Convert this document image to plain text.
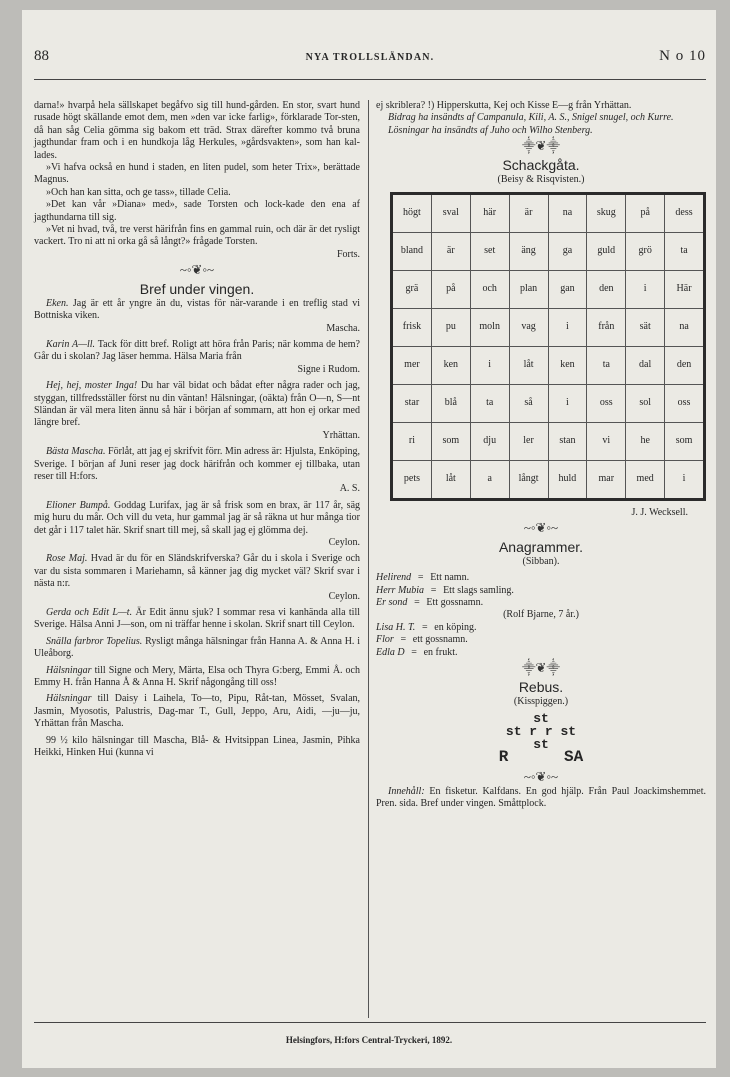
88	NYA TROLLSLÄNDAN.	N o 10

darna!» hvarpå hela sällskapet begåfvo sig till hund-gården. En stor, svart hund rusade högt skällande emot dem, men »den var icke farlig», förklarade Tor-sten, då han såg Celia gömma sig bakom ett träd. Strax därefter kommo två bruna jagthundar fram och i en hundkoja låg Herkules, »gårdsvakten», som han kal-lades.

»Vi hafva också en hund i staden, en liten pudel, som heter Trix», berättade Magnus.

»Och han kan sitta, och ge tass», tillade Celia.

»Det kan vår »Diana» med», sade Torsten och lock-kade den ena af jagthundarna till sig.

»Vet ni hvad, två, tre verst härifrån fins en gammal ruin, och där är det rysligt vackert. Tro ni att ni orka gå så långt?» frågade Torsten.

Forts.

~◦❦◦~
Bref under vingen.

Eken. Jag är ett år yngre än du, vistas för när-varande i en treflig stad vi Bottniska viken.

Mascha.

Karin A—ll. Tack för ditt bref. Roligt att höra från Paris; när komma de hem? Går du i skolan? Jag läser hemma. Hälsa Maria från

Signe i Rudom.

Hej, hej, moster Inga! Du har väl bidat och bådat efter några rader och jag, styggan, tillfredsställer först nu din väntan! Hälsningar, (oäkta) från O—n, S—nt Sländan är väl mera liten ännu så här i början af sommarn, att hon ej orkar med längre bref.

Yrhättan.

Bästa Mascha. Förlåt, att jag ej skrifvit förr. Min adress är: Hjulsta, Enköping, Sverige. I början af Juni reser jag dock härifrån och kommer ej tillbaka, utan reser till H:fors.

A. S.

Elioner Bumpå. Goddag Lurifax, jag är så frisk som en brax, är 117 år, säg mig huru du mår. Och vill du veta, hur gammal jag är så räkna ut hur många tior det går i 117 talet här. Skrif snart till mej, så skall jag ej glömma dej.

Ceylon.

Rose Maj. Hvad är du för en Sländskrifverska? Går du i skola i Sverige och var du sista sommaren i Mariehamn, så känner jag dig mycket väl? Skrif svar i nästa n:r.

Ceylon.

Gerda och Edit L—t. Är Edit ännu sjuk? I sommar resa vi kanhända alla till Sverige. Hälsa Anni J—son, om ni träffar henne i skolan. Skrif snart till Ceylon.

Snälla farbror Topelius. Rysligt många hälsningar från Hanna A. & Anna H. i Uleåborg.

Hälsningar till Signe och Mery, Märta, Elsa och Thyra G:berg, Emmi Å. och Emmy H. från Hanna Å & Anna H. Skrif någongång till oss!

Hälsningar till Daisy i Laihela, To—to, Pipu, Råt-tan, Mösset, Svalan, Jasmin, Myosotis, Palustris, Dag-mar T., Gull, Jeppo, Aru, Aidi, —ju—ju, Yrhättan från Mascha.

99 ½ kilo hälsningar till Mascha, Blå- & Hvitsippan Linea, Jasmin, Pihka Heikki, Hinken Hui (kunna vi

ej skriblera? !) Hipperskutta, Kej och Kisse E—g från Yrhättan.

Bidrag ha insändts af Campanula, Kili, A. S., Snigel snugel, och Kurre.

Lösningar ha insändts af Juho och Wilho Stenberg.

⸎❦⸎
Schackgåta.

(Beisy & Risqvisten.)

högt	sval	här	är	na	skug	på	dess
bland	är	set	äng	ga	guld	grö	ta
grä	på	och	plan	gan	den	i	Här
frisk	pu	moln	vag	i	från	sät	na
mer	ken	i	låt	ken	ta	dal	den
star	blå	ta	så	i	oss	sol	oss
ri	som	dju	ler	stan	vi	he	som
pets	låt	a	långt	huld	mar	med	i

J. J. Wecksell.

~◦❦◦~
Anagrammer.

(Sibban).

Helirend = Ett namn.

Herr Mubia = Ett slags samling.

Er sond = Ett gossnamn.

(Rolf Bjarne, 7 år.)

Lisa H. T. = en köping.

Flor = ett gossnamn.

Edla D = en frukt.

⸎❦⸎
Rebus.

(Kisspiggen.)

st
st r r st
st
R	SA
~◦❦◦~

Innehåll: En fisketur. Kalfdans. En god hjälp. Från Paul Joackimshemmet. Pren. sida. Bref under vingen. Småttplock.

Helsingfors, H:fors Central-Tryckeri, 1892.
